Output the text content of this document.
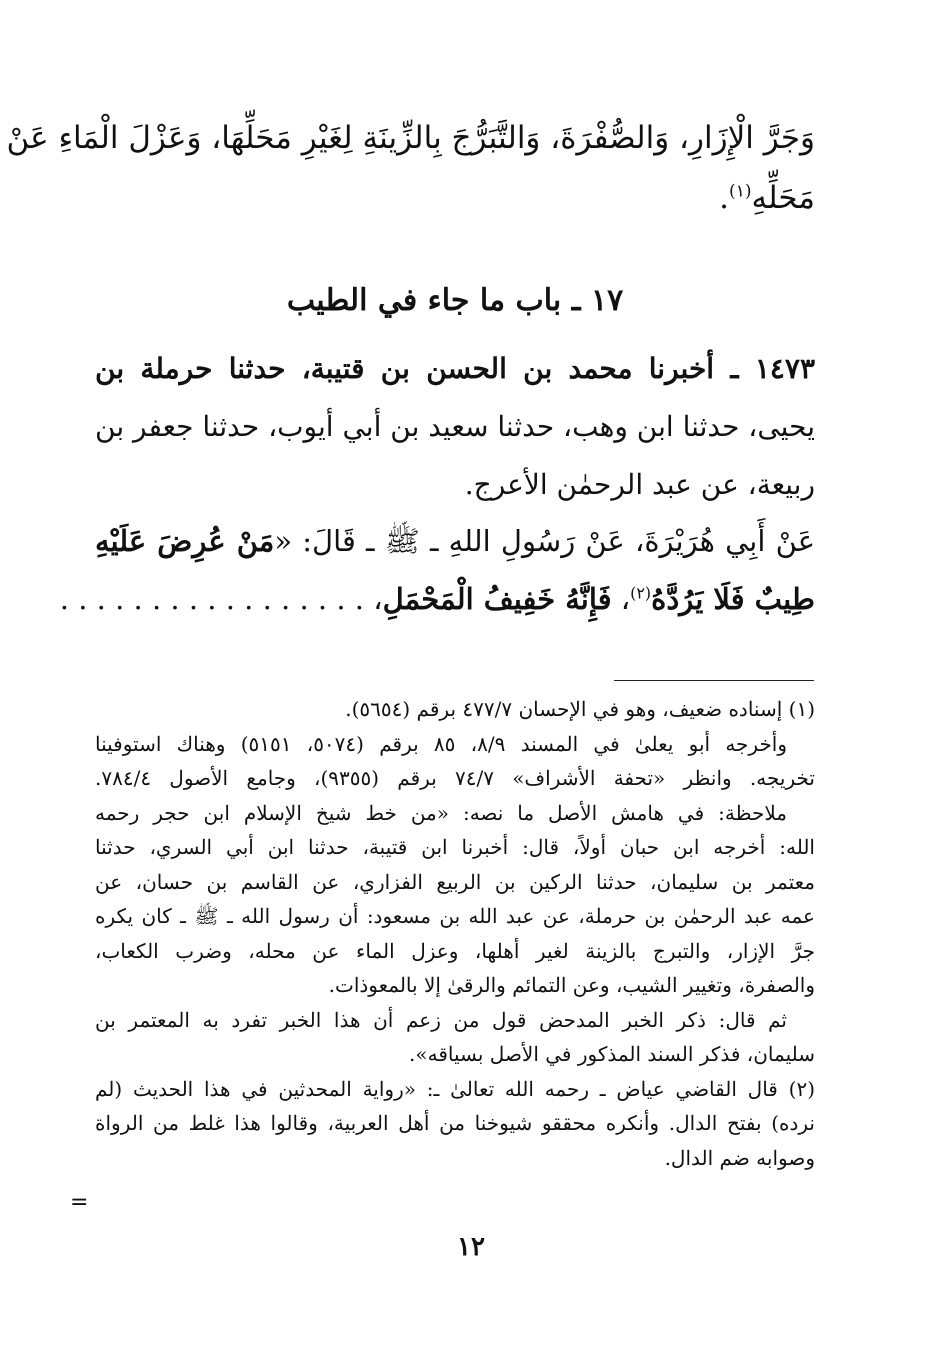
وَجَرَّ الْإِزَارِ، وَالصُّفْرَةَ، وَالتَّبَرُّجَ بِالزِّينَةِ لِغَيْرِ مَحَلِّهَا، وَعَزْلَ الْمَاءِ عَنْ
مَحَلِّهِ$^{(١)}$.
١٧ ـ باب ما جاء في الطيب
١٤٧٣ ـ أخبرنا محمد بن الحسن بن قتيبة، حدثنا حرملة بن
يحيى، حدثنا ابن وهب، حدثنا سعيد بن أبي أيوب، حدثنا جعفر بن
ربيعة، عن عبد الرحمٰن الأعرج.
عَنْ أَبِي هُرَيْرَةَ، عَنْ رَسُولِ اللهِ ـ ﷺ ـ قَالَ: «مَنْ عُرِضَ عَلَيْهِ
طِيبٌ فَلَا يَرُدَّهُ$^{(٢)}$، فَإِنَّهُ خَفِيفُ الْمَحْمَلِ، . . . . . . . . . . . . . . . . .
(١) إسناده ضعيف، وهو في الإحسان ٤٧٧/٧ برقم (٥٦٥٤).
وأخرجه أبو يعلىٰ في المسند ٨/٩، ٨٥ برقم (٥٠٧٤، ٥١٥١) وهناك استوفينا
تخريجه. وانظر «تحفة الأشراف» ٧٤/٧ برقم (٩٣٥٥)، وجامع الأصول ٧٨٤/٤.
ملاحظة: في هامش الأصل ما نصه: «من خط شيخ الإسلام ابن حجر رحمه
الله: أخرجه ابن حبان أولاً، قال: أخبرنا ابن قتيبة، حدثنا ابن أبي السري، حدثنا
معتمر بن سليمان، حدثنا الركين بن الربيع الفزاري، عن القاسم بن حسان، عن
عمه عبد الرحمٰن بن حرملة، عن عبد الله بن مسعود: أن رسول الله ـ ﷺ ـ كان يكره
جرَّ الإزار، والتبرج بالزينة لغير أهلها، وعزل الماء عن محله، وضرب الكعاب،
والصفرة، وتغيير الشيب، وعن التمائم والرقىٰ إلا بالمعوذات.
ثم قال: ذكر الخبر المدحض قول من زعم أن هذا الخبر تفرد به المعتمر بن
سليمان، فذكر السند المذكور في الأصل بسياقه».
(٢) قال القاضي عياض ـ رحمه الله تعالىٰ ـ: «رواية المحدثين في هذا الحديث (لم
نرده) بفتح الدال. وأنكره محققو شيوخنا من أهل العربية، وقالوا هذا غلط من الرواة
وصوابه ضم الدال.
=
١٢
